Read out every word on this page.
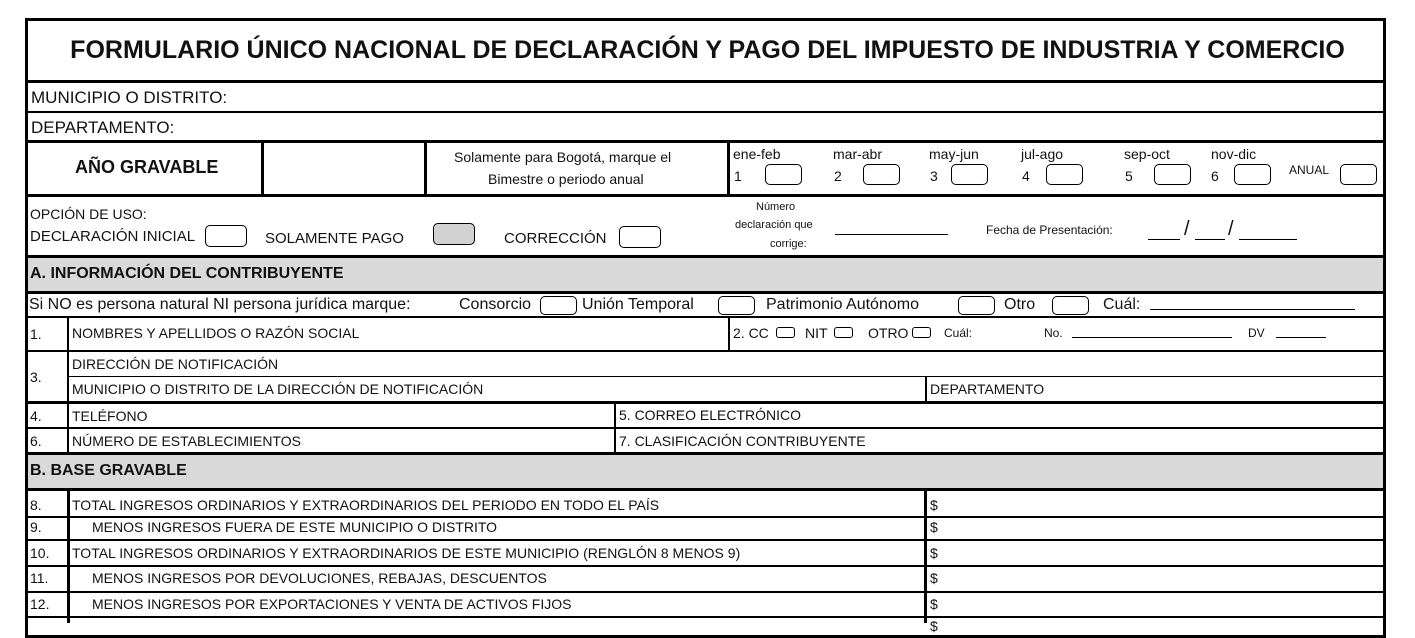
FORMULARIO ÚNICO NACIONAL DE DECLARACIÓN Y PAGO DEL IMPUESTO DE INDUSTRIA Y COMERCIO
MUNICIPIO O DISTRITO:
DEPARTAMENTO:
AÑO GRAVABLE	Solamente para Bogotá, marque el
Bimestre o periodo anual
ene-feb
1
mar-abr
2
may-jun
3
jul-ago
4
sep-oct
5
nov-dic
6	ANUAL
OPCIÓN DE USO:
DECLARACIÓN INICIAL	SOLAMENTE PAGO	CORRECCIÓN
Número
declaración que
corrige:
Fecha de Presentación:	/ /
A. INFORMACIÓN DEL CONTRIBUYENTE
Si NO es persona natural NI persona jurídica marque:	Consorcio	Unión Temporal	Patrimonio Autónomo	Otro	Cuál:
1. NOMBRES Y APELLIDOS O RAZÓN SOCIAL	2. CC	NIT	OTRO	Cuál:	No.	DV
3.
DIRECCIÓN DE NOTIFICACIÓN
MUNICIPIO O DISTRITO DE LA DIRECCIÓN DE NOTIFICACIÓN	DEPARTAMENTO
4. TELÉFONO	5. CORREO ELECTRÓNICO
6. NÚMERO DE ESTABLECIMIENTOS	7. CLASIFICACIÓN CONTRIBUYENTE
B. BASE GRAVABLE
8. TOTAL INGRESOS ORDINARIOS Y EXTRAORDINARIOS DEL PERIODO EN TODO EL PAÍS	$
9.	MENOS INGRESOS FUERA DE ESTE MUNICIPIO O DISTRITO	$
10. TOTAL INGRESOS ORDINARIOS Y EXTRAORDINARIOS DE ESTE MUNICIPIO (RENGLÓN 8 MENOS 9)	$
11.	MENOS INGRESOS POR DEVOLUCIONES, REBAJAS, DESCUENTOS	$
12.	MENOS INGRESOS POR EXPORTACIONES Y VENTA DE ACTIVOS FIJOS	$
$
